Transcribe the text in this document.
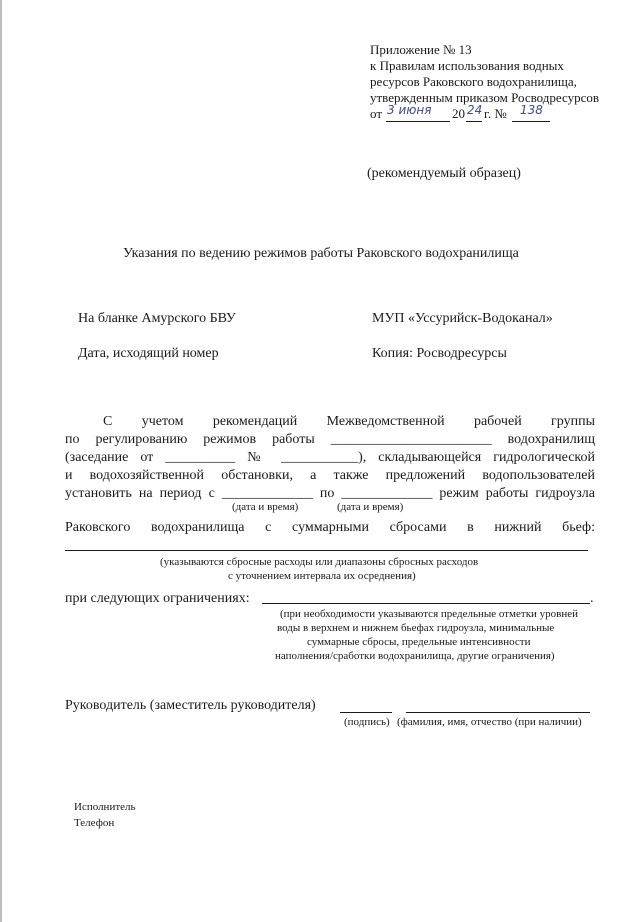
Приложение № 13
к Правилам использования водных
ресурсов Раковского водохранилища,
утвержденным приказом Росводресурсов
от 3 июня 20 24 г. № 138
(рекомендуемый образец)
Указания по ведению режимов работы Раковского водохранилища
На бланке Амурского БВУ	МУП «Уссурийск-Водоканал»
Дата, исходящий номер	Копия: Росводресурсы
С учетом рекомендаций Межведомственной рабочей группы
по регулированию режимов работы _______________________ водохранилищ
(заседание от __________ № ___________), складывающейся гидрологической
и водохозяйственной обстановки, а также предложений водопользователей
установить на период с _____________ по _____________ режим работы гидроузла
(дата и время)	(дата и время)
Раковского водохранилища с суммарными сбросами в нижний бьеф:
(указываются сбросные расходы или диапазоны сбросных расходов
с уточнением интервала их осреднения)
при следующих ограничениях:	.
(при необходимости указываются предельные отметки уровней
воды в верхнем и нижнем бьефах гидроузла, минимальные
суммарные сбросы, предельные интенсивности
наполнения/сработки водохранилища, другие ограничения)
Руководитель (заместитель руководителя)
(подпись) (фамилия, имя, отчество (при наличии)
Исполнитель
Телефон
